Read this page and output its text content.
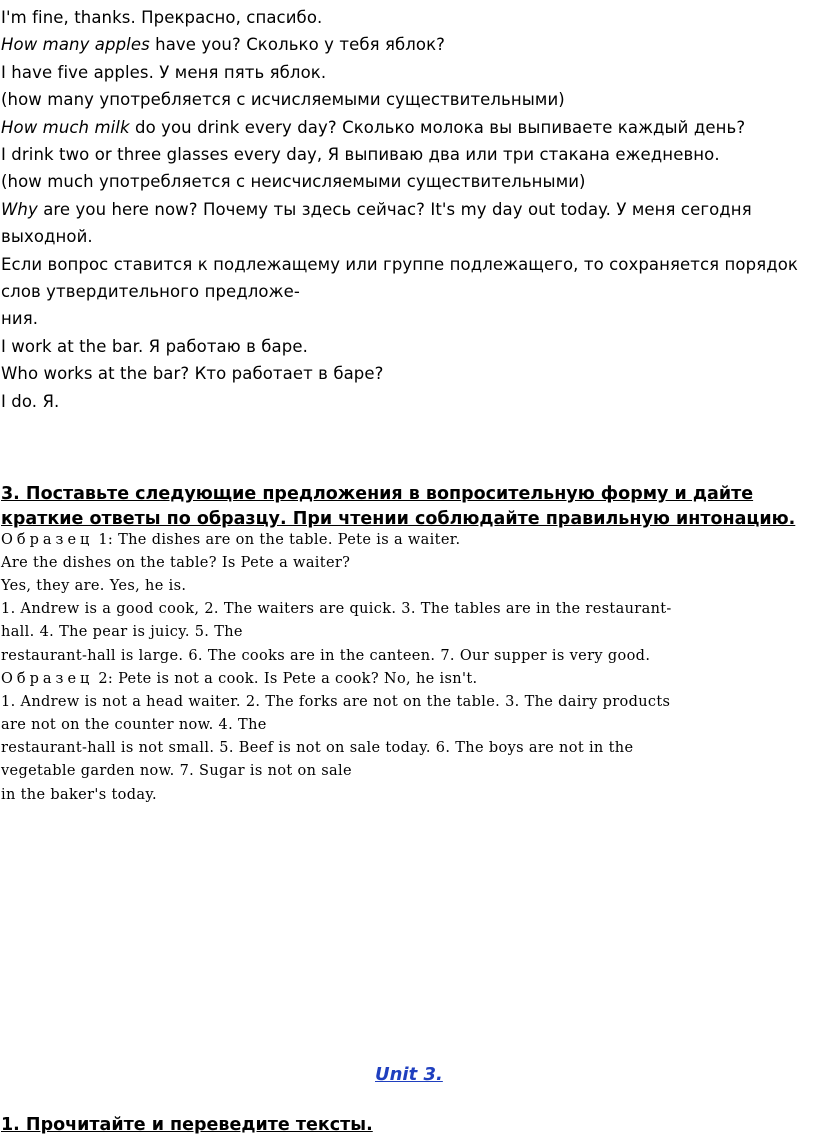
I'm fine, thanks. Прекрасно, спасибо.
How many apples have you? Сколько у тебя яблок?
I have five apples. У меня пять яблок.
(how many употребляется с исчисляемыми существительными)
How much milk do you drink every day? Сколько молока вы выпиваете каждый день?
I drink two or three glasses every day, Я выпиваю два или три стакана ежедневно.
(how much употребляется с неисчисляемыми существительными)
Why are you here now? Почему ты здесь сейчас? It's my day out today. У меня сегодня
выходной.
Если вопрос ставится к подлежащему или группе подлежащего, то сохраняется порядок
слов утвердительного предложе-
ния.
I work at the bar. Я работаю в баре.
Who works at the bar? Кто работает в баре?
I do. Я.
3. Поставьте следующие предложения в вопросительную форму и дайте
краткие ответы по образцу. При чтении соблюдайте правильную интонацию.
Образец 1: The dishes are on the table. Pete is a waiter.
Are the dishes on the table? Is Pete a waiter?
Yes, they are. Yes, he is.
1. Andrew is a good cook, 2. The waiters are quick. 3. The tables are in the restaurant-
hall. 4. The pear is juicy. 5. The
restaurant-hall is large. 6. The cooks are in the canteen. 7. Our supper is very good.
Образец 2: Pete is not a cook. Is Pete a cook? No, he isn't.
1. Andrew is not a head waiter. 2. The forks are not on the table. 3. The dairy products
are not on the counter now. 4. The
restaurant-hall is not small. 5. Beef is not on sale today. 6. The boys are not in the
vegetable garden now. 7. Sugar is not on sale
in the baker's today.
Unit 3.
1. Прочитайте и переведите тексты.
